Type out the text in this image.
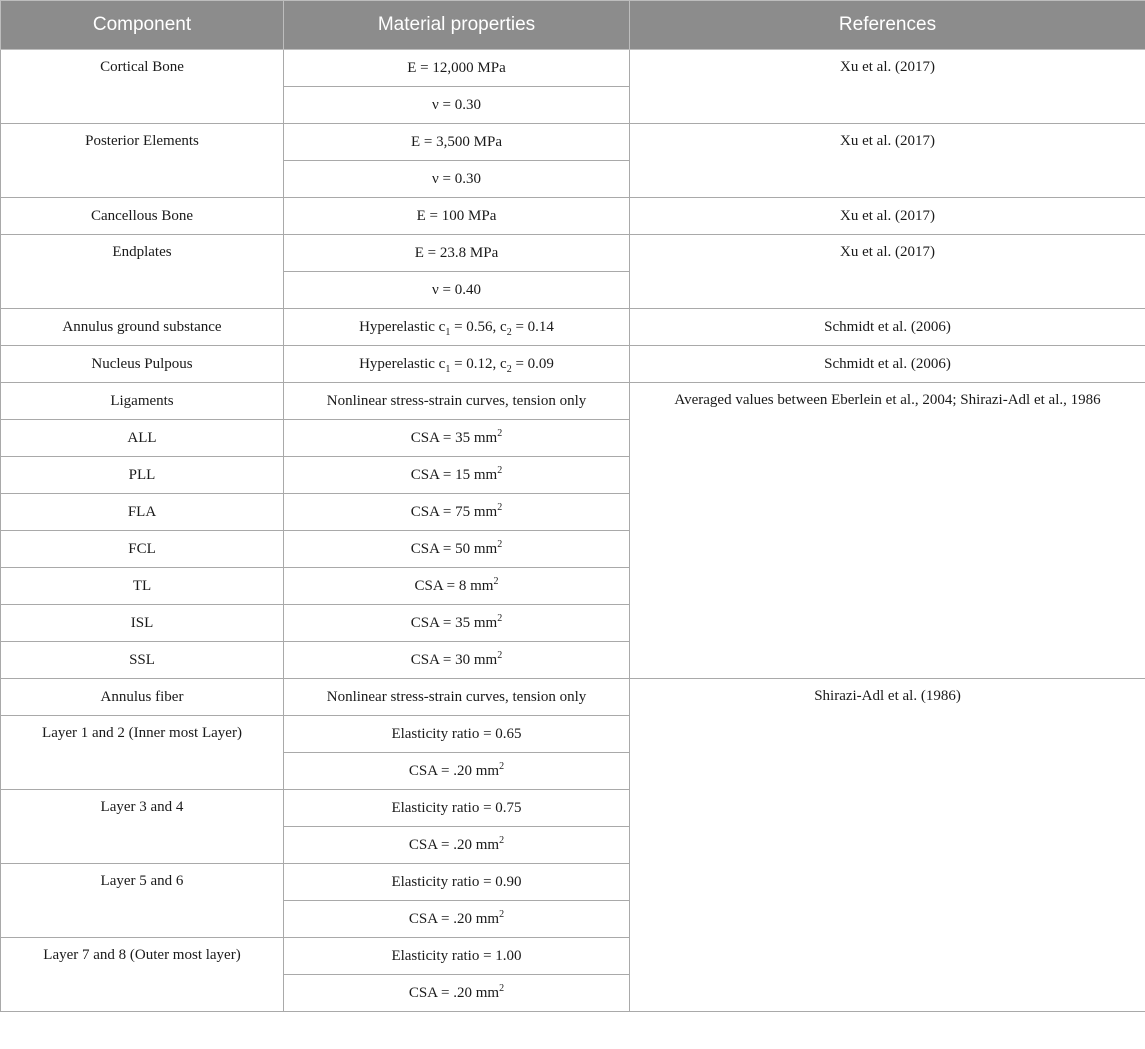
Component	Material properties	References
Cortical Bone	E = 12,000 MPa	Xu et al. (2017)
	ν = 0.30	
Posterior Elements	E = 3,500 MPa	Xu et al. (2017)
	ν = 0.30	
Cancellous Bone	E = 100 MPa	Xu et al. (2017)
Endplates	E = 23.8 MPa	Xu et al. (2017)
	ν = 0.40	
Annulus ground substance	Hyperelastic $c_1 = 0.56$, $c_2 = 0.14$	Schmidt et al. (2006)
Nucleus Pulpous	Hyperelastic $c_1 = 0.12$, $c_2 = 0.09$	Schmidt et al. (2006)
Ligaments	Nonlinear stress-strain curves, tension only	Averaged values between Eberlein et al., 2004; Shirazi-Adl et al., 1986
ALL	CSA = 35 $mm^2$
PLL	CSA = 15 $mm^2$
FLA	CSA = 75 $mm^2$
FCL	CSA = 50 $mm^2$
TL	CSA = 8 $mm^2$
ISL	CSA = 35 $mm^2$
SSL	CSA = 30 $mm^2$
Annulus fiber	Nonlinear stress-strain curves, tension only	Shirazi-Adl et al. (1986)
Layer 1 and 2 (Inner most Layer)	Elasticity ratio = 0.65	
	CSA = .20 $mm^2$
Layer 3 and 4	Elasticity ratio = 0.75	
	CSA = .20 $mm^2$
Layer 5 and 6	Elasticity ratio = 0.90	
	CSA = .20 $mm^2$
Layer 7 and 8 (Outer most layer)	Elasticity ratio = 1.00	
	CSA = .20 $mm^2$
